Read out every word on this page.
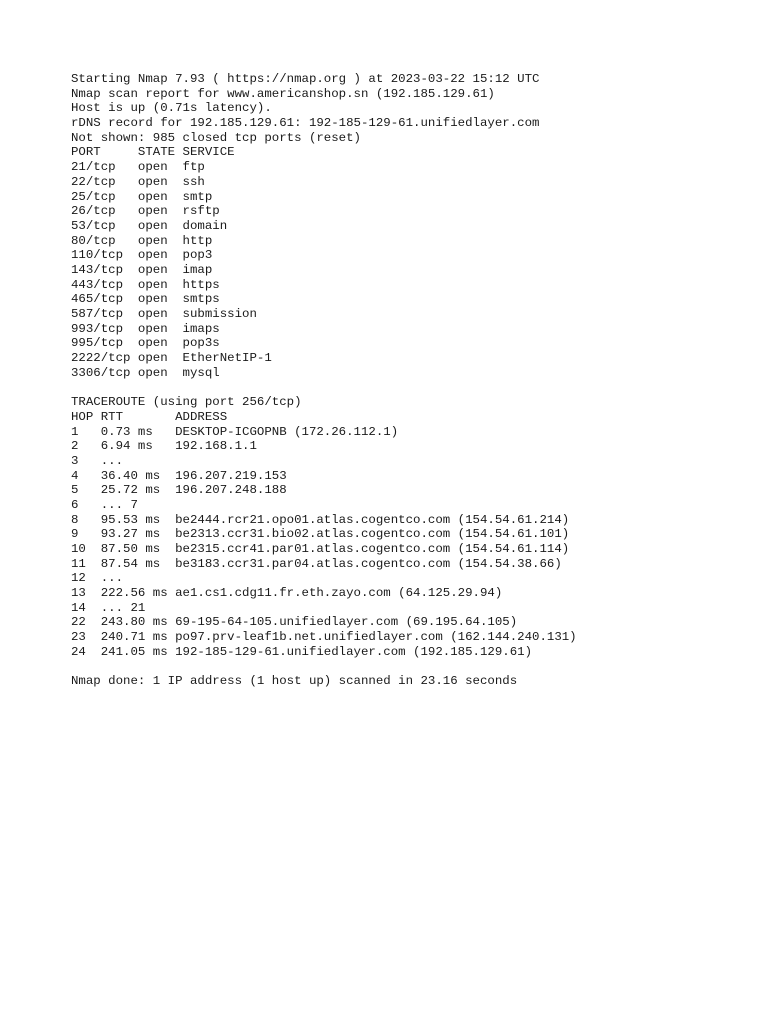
Starting Nmap 7.93 ( https://nmap.org ) at 2023-03-22 15:12 UTC
Nmap scan report for www.americanshop.sn (192.185.129.61)
Host is up (0.71s latency).
rDNS record for 192.185.129.61: 192-185-129-61.unifiedlayer.com
Not shown: 985 closed tcp ports (reset)
PORT     STATE SERVICE
21/tcp   open  ftp
22/tcp   open  ssh
25/tcp   open  smtp
26/tcp   open  rsftp
53/tcp   open  domain
80/tcp   open  http
110/tcp  open  pop3
143/tcp  open  imap
443/tcp  open  https
465/tcp  open  smtps
587/tcp  open  submission
993/tcp  open  imaps
995/tcp  open  pop3s
2222/tcp open  EtherNetIP-1
3306/tcp open  mysql
TRACEROUTE (using port 256/tcp)
HOP RTT       ADDRESS
1   0.73 ms   DESKTOP-ICGOPNB (172.26.112.1)
2   6.94 ms   192.168.1.1
3   ...
4   36.40 ms  196.207.219.153
5   25.72 ms  196.207.248.188
6   ... 7
8   95.53 ms  be2444.rcr21.opo01.atlas.cogentco.com (154.54.61.214)
9   93.27 ms  be2313.ccr31.bio02.atlas.cogentco.com (154.54.61.101)
10  87.50 ms  be2315.ccr41.par01.atlas.cogentco.com (154.54.61.114)
11  87.54 ms  be3183.ccr31.par04.atlas.cogentco.com (154.54.38.66)
12  ...
13  222.56 ms ae1.cs1.cdg11.fr.eth.zayo.com (64.125.29.94)
14  ... 21
22  243.80 ms 69-195-64-105.unifiedlayer.com (69.195.64.105)
23  240.71 ms po97.prv-leaf1b.net.unifiedlayer.com (162.144.240.131)
24  241.05 ms 192-185-129-61.unifiedlayer.com (192.185.129.61)
Nmap done: 1 IP address (1 host up) scanned in 23.16 seconds
